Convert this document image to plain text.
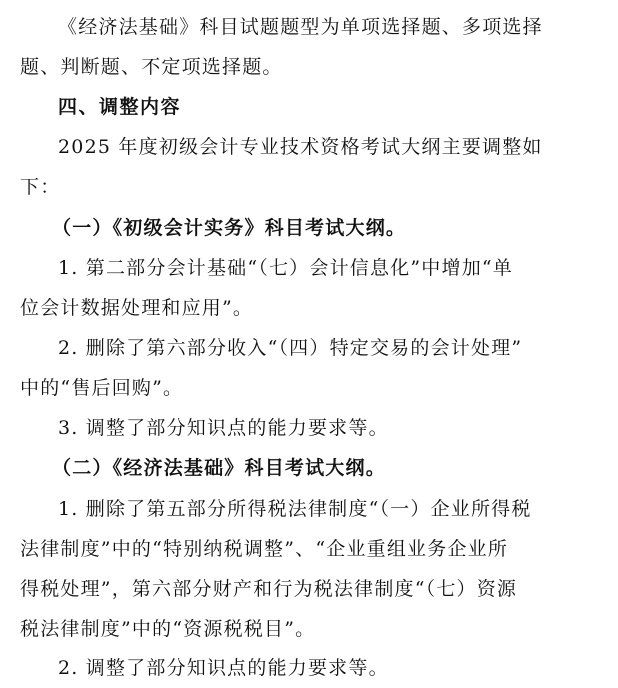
《经济法基础》科目试题题型为单项选择题、多项选择
题、判断题、不定项选择题。
四、调整内容
2025 年度初级会计专业技术资格考试大纲主要调整如
下：
（一）《初级会计实务》科目考试大纲。
1. 第二部分会计基础“（七）会计信息化”中增加“单
位会计数据处理和应用”。
2. 删除了第六部分收入“（四）特定交易的会计处理”
中的“售后回购”。
3. 调整了部分知识点的能力要求等。
（二）《经济法基础》科目考试大纲。
1. 删除了第五部分所得税法律制度“（一）企业所得税
法律制度”中的“特别纳税调整”、“企业重组业务企业所
得税处理”，第六部分财产和行为税法律制度“（七）资源
税法律制度”中的“资源税税目”。
2. 调整了部分知识点的能力要求等。
